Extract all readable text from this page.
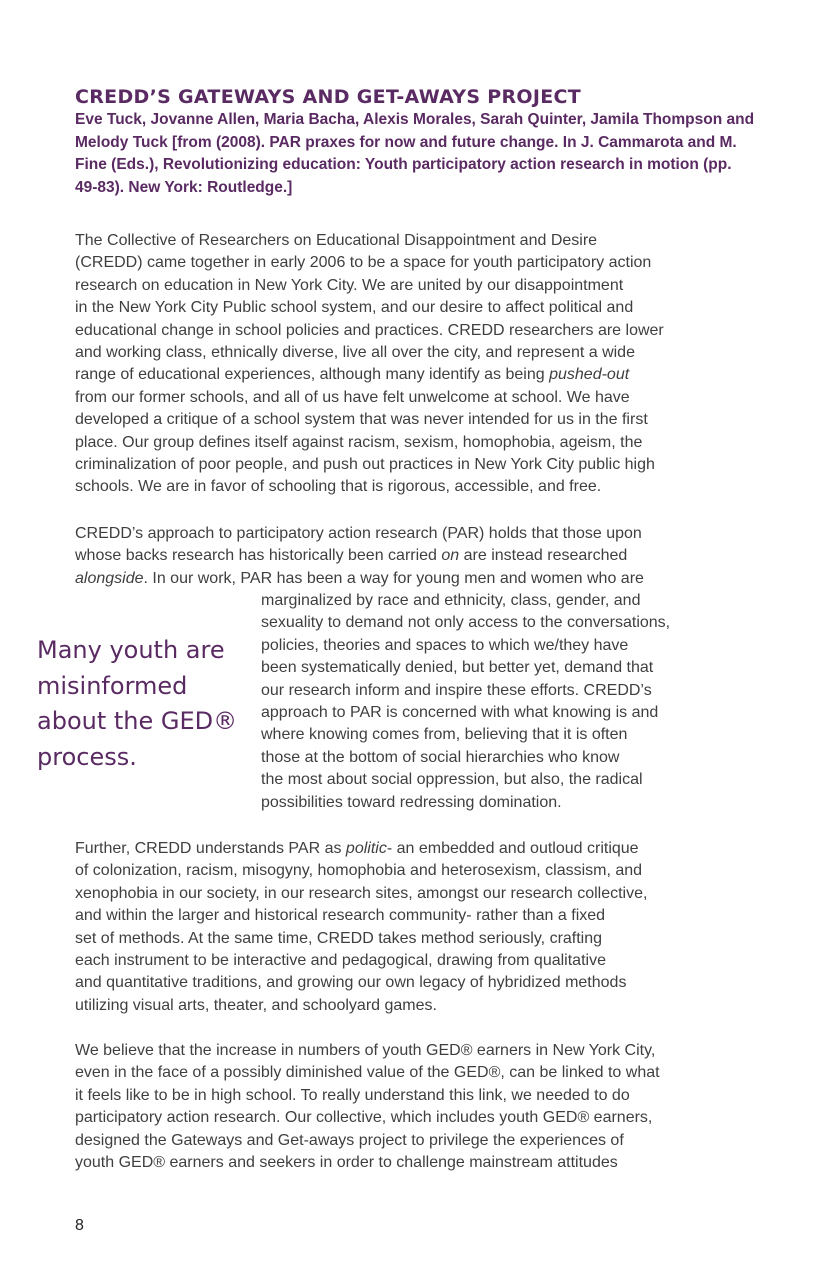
CREDD’S GATEWAYS AND GET-AWAYS PROJECT
Eve Tuck, Jovanne Allen, Maria Bacha, Alexis Morales, Sarah Quinter, Jamila Thompson and
Melody Tuck [from (2008). PAR praxes for now and future change. In J. Cammarota and M.
Fine (Eds.), Revolutionizing education: Youth participatory action research in motion (pp.
49-83). New York: Routledge.]
The Collective of Researchers on Educational Disappointment and Desire
(CREDD) came together in early 2006 to be a space for youth participatory action
research on education in New York City. We are united by our disappointment
in the New York City Public school system, and our desire to affect political and
educational change in school policies and practices. CREDD researchers are lower
and working class, ethnically diverse, live all over the city, and represent a wide
range of educational experiences, although many identify as being pushed-out
from our former schools, and all of us have felt unwelcome at school. We have
developed a critique of a school system that was never intended for us in the first
place. Our group defines itself against racism, sexism, homophobia, ageism, the
criminalization of poor people, and push out practices in New York City public high
schools. We are in favor of schooling that is rigorous, accessible, and free.
CREDD’s approach to participatory action research (PAR) holds that those upon
whose backs research has historically been carried on are instead researched
alongside. In our work, PAR has been a way for young men and women who are
marginalized by race and ethnicity, class, gender, and
sexuality to demand not only access to the conversations,
policies, theories and spaces to which we/they have
been systematically denied, but better yet, demand that
our research inform and inspire these efforts. CREDD’s
approach to PAR is concerned with what knowing is and
where knowing comes from, believing that it is often
those at the bottom of social hierarchies who know
the most about social oppression, but also, the radical
possibilities toward redressing domination.
Many youth are
misinformed
about the GED®
process.
Further, CREDD understands PAR as politic- an embedded and outloud critique
of colonization, racism, misogyny, homophobia and heterosexism, classism, and
xenophobia in our society, in our research sites, amongst our research collective,
and within the larger and historical research community- rather than a fixed
set of methods. At the same time, CREDD takes method seriously, crafting
each instrument to be interactive and pedagogical, drawing from qualitative
and quantitative traditions, and growing our own legacy of hybridized methods
utilizing visual arts, theater, and schoolyard games.
We believe that the increase in numbers of youth GED® earners in New York City,
even in the face of a possibly diminished value of the GED®, can be linked to what
it feels like to be in high school. To really understand this link, we needed to do
participatory action research. Our collective, which includes youth GED® earners,
designed the Gateways and Get-aways project to privilege the experiences of
youth GED® earners and seekers in order to challenge mainstream attitudes
8
